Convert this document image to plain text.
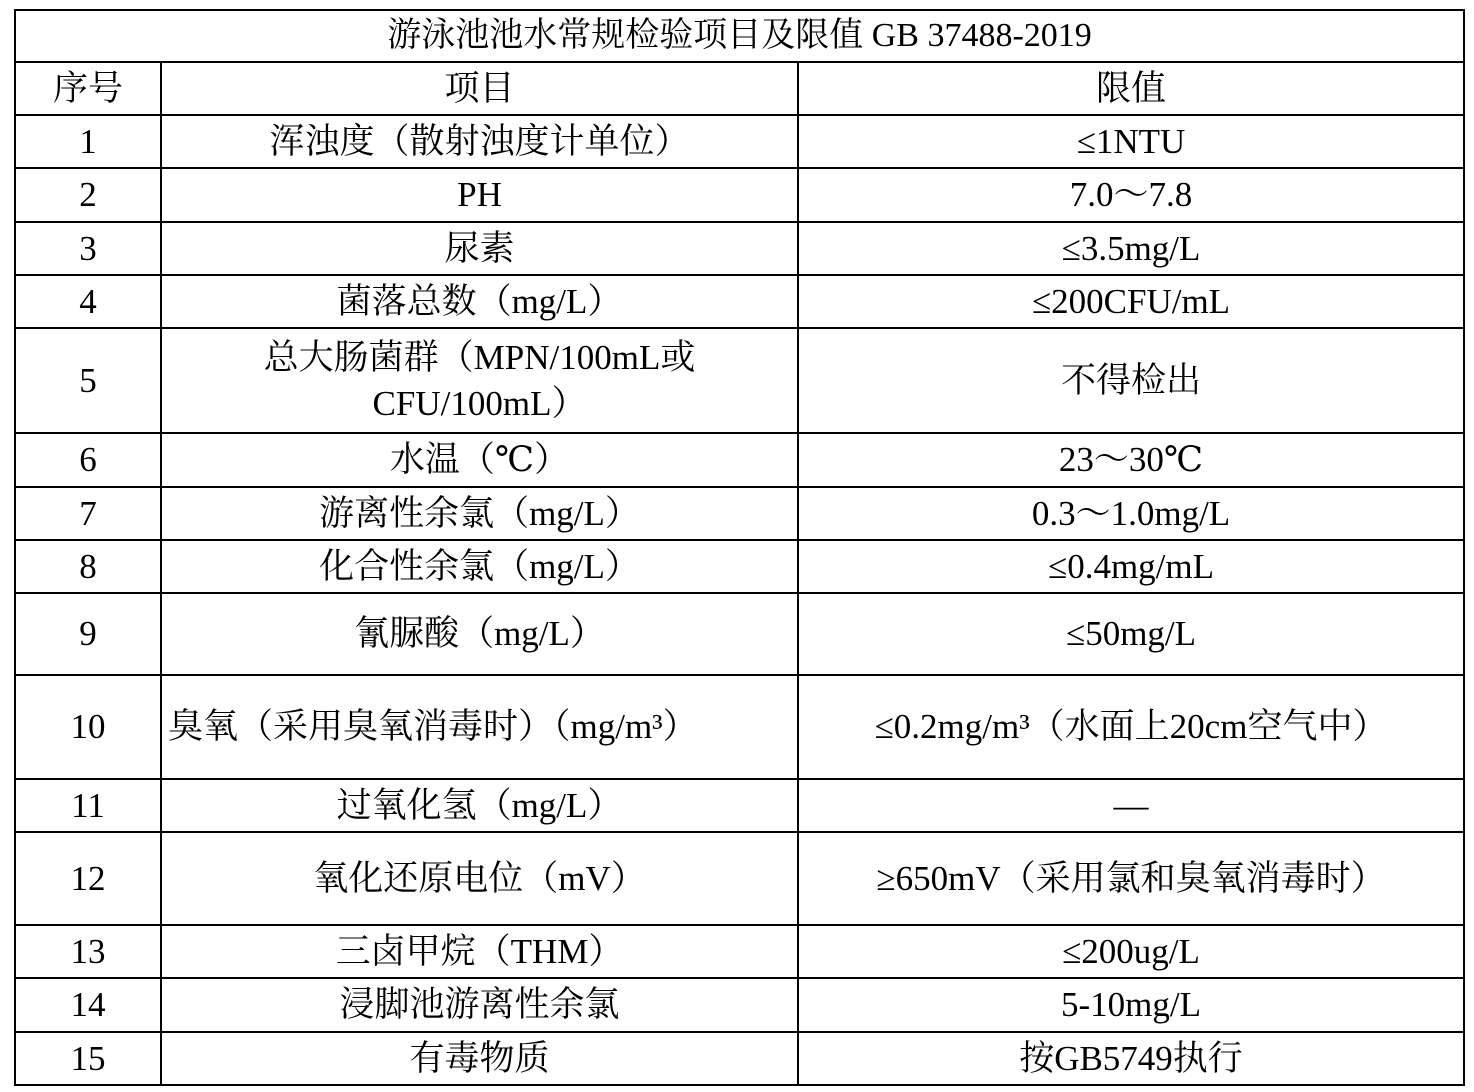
游泳池池水常规检验项目及限值 GB 37488-2019		
序号	项目	限值
1	浑浊度（散射浊度计单位）	≤1NTU
2	PH	7.0～7.8
3	尿素	≤3.5mg/L
4	菌落总数（mg/L）	≤200CFU/mL
5	总大肠菌群（MPN/100mL或CFU/100mL）	不得检出
6	水温（℃）	23～30℃
7	游离性余氯（mg/L）	0.3～1.0mg/L
8	化合性余氯（mg/L）	≤0.4mg/mL
9	氰脲酸（mg/L）	≤50mg/L
10	臭氧（采用臭氧消毒时）（mg/m³）	≤0.2mg/m³（水面上20cm空气中）
11	过氧化氢（mg/L）	—
12	氧化还原电位（mV）	≥650mV（采用氯和臭氧消毒时）
13	三卤甲烷（THM）	≤200ug/L
14	浸脚池游离性余氯	5-10mg/L
15	有毒物质	按GB5749执行
